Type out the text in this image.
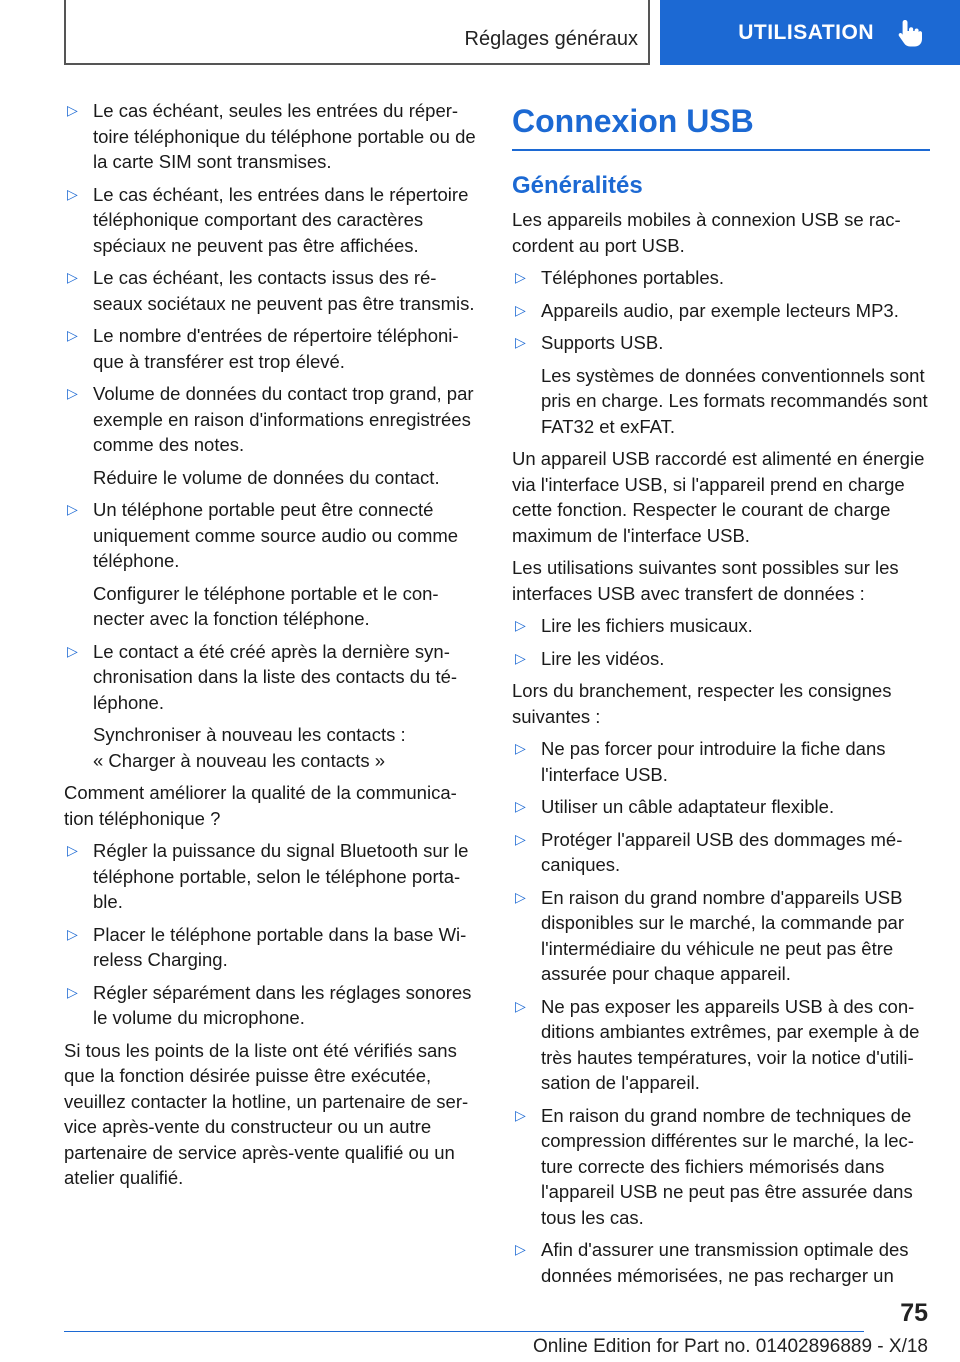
Réglages généraux	UTILISATION
▷ Le cas échéant, seules les entrées du répertoire téléphonique du téléphone portable ou de la carte SIM sont transmises.
▷ Le cas échéant, les entrées dans le répertoire téléphonique comportant des caractères spéciaux ne peuvent pas être affichées.
▷ Le cas échéant, les contacts issus des réseaux sociétaux ne peuvent pas être transmis.
▷ Le nombre d'entrées de répertoire téléphonique à transférer est trop élevé.
▷ Volume de données du contact trop grand, par exemple en raison d'informations enregistrées comme des notes.
Réduire le volume de données du contact.
▷ Un téléphone portable peut être connecté uniquement comme source audio ou comme téléphone.
Configurer le téléphone portable et le connecter avec la fonction téléphone.
▷ Le contact a été créé après la dernière synchronisation dans la liste des contacts du téléphone.
Synchroniser à nouveau les contacts :
« Charger à nouveau les contacts »
Comment améliorer la qualité de la communication téléphonique ?
▷ Régler la puissance du signal Bluetooth sur le téléphone portable, selon le téléphone portable.
▷ Placer le téléphone portable dans la base Wireless Charging.
▷ Régler séparément dans les réglages sonores le volume du microphone.
Si tous les points de la liste ont été vérifiés sans que la fonction désirée puisse être exécutée, veuillez contacter la hotline, un partenaire de service après-vente du constructeur ou un autre partenaire de service après-vente qualifié ou un atelier qualifié.
Connexion USB
Généralités
Les appareils mobiles à connexion USB se raccordent au port USB.
▷ Téléphones portables.
▷ Appareils audio, par exemple lecteurs MP3.
▷ Supports USB.
Les systèmes de données conventionnels sont pris en charge. Les formats recommandés sont FAT32 et exFAT.
Un appareil USB raccordé est alimenté en énergie via l'interface USB, si l'appareil prend en charge cette fonction. Respecter le courant de charge maximum de l'interface USB.
Les utilisations suivantes sont possibles sur les interfaces USB avec transfert de données :
▷ Lire les fichiers musicaux.
▷ Lire les vidéos.
Lors du branchement, respecter les consignes suivantes :
▷ Ne pas forcer pour introduire la fiche dans l'interface USB.
▷ Utiliser un câble adaptateur flexible.
▷ Protéger l'appareil USB des dommages mécaniques.
▷ En raison du grand nombre d'appareils USB disponibles sur le marché, la commande par l'intermédiaire du véhicule ne peut pas être assurée pour chaque appareil.
▷ Ne pas exposer les appareils USB à des conditions ambiantes extrêmes, par exemple à de très hautes températures, voir la notice d'utilisation de l'appareil.
▷ En raison du grand nombre de techniques de compression différentes sur le marché, la lecture correcte des fichiers mémorisés dans l'appareil USB ne peut pas être assurée dans tous les cas.
▷ Afin d'assurer une transmission optimale des données mémorisées, ne pas recharger un
75
Online Edition for Part no. 01402896889 - X/18
